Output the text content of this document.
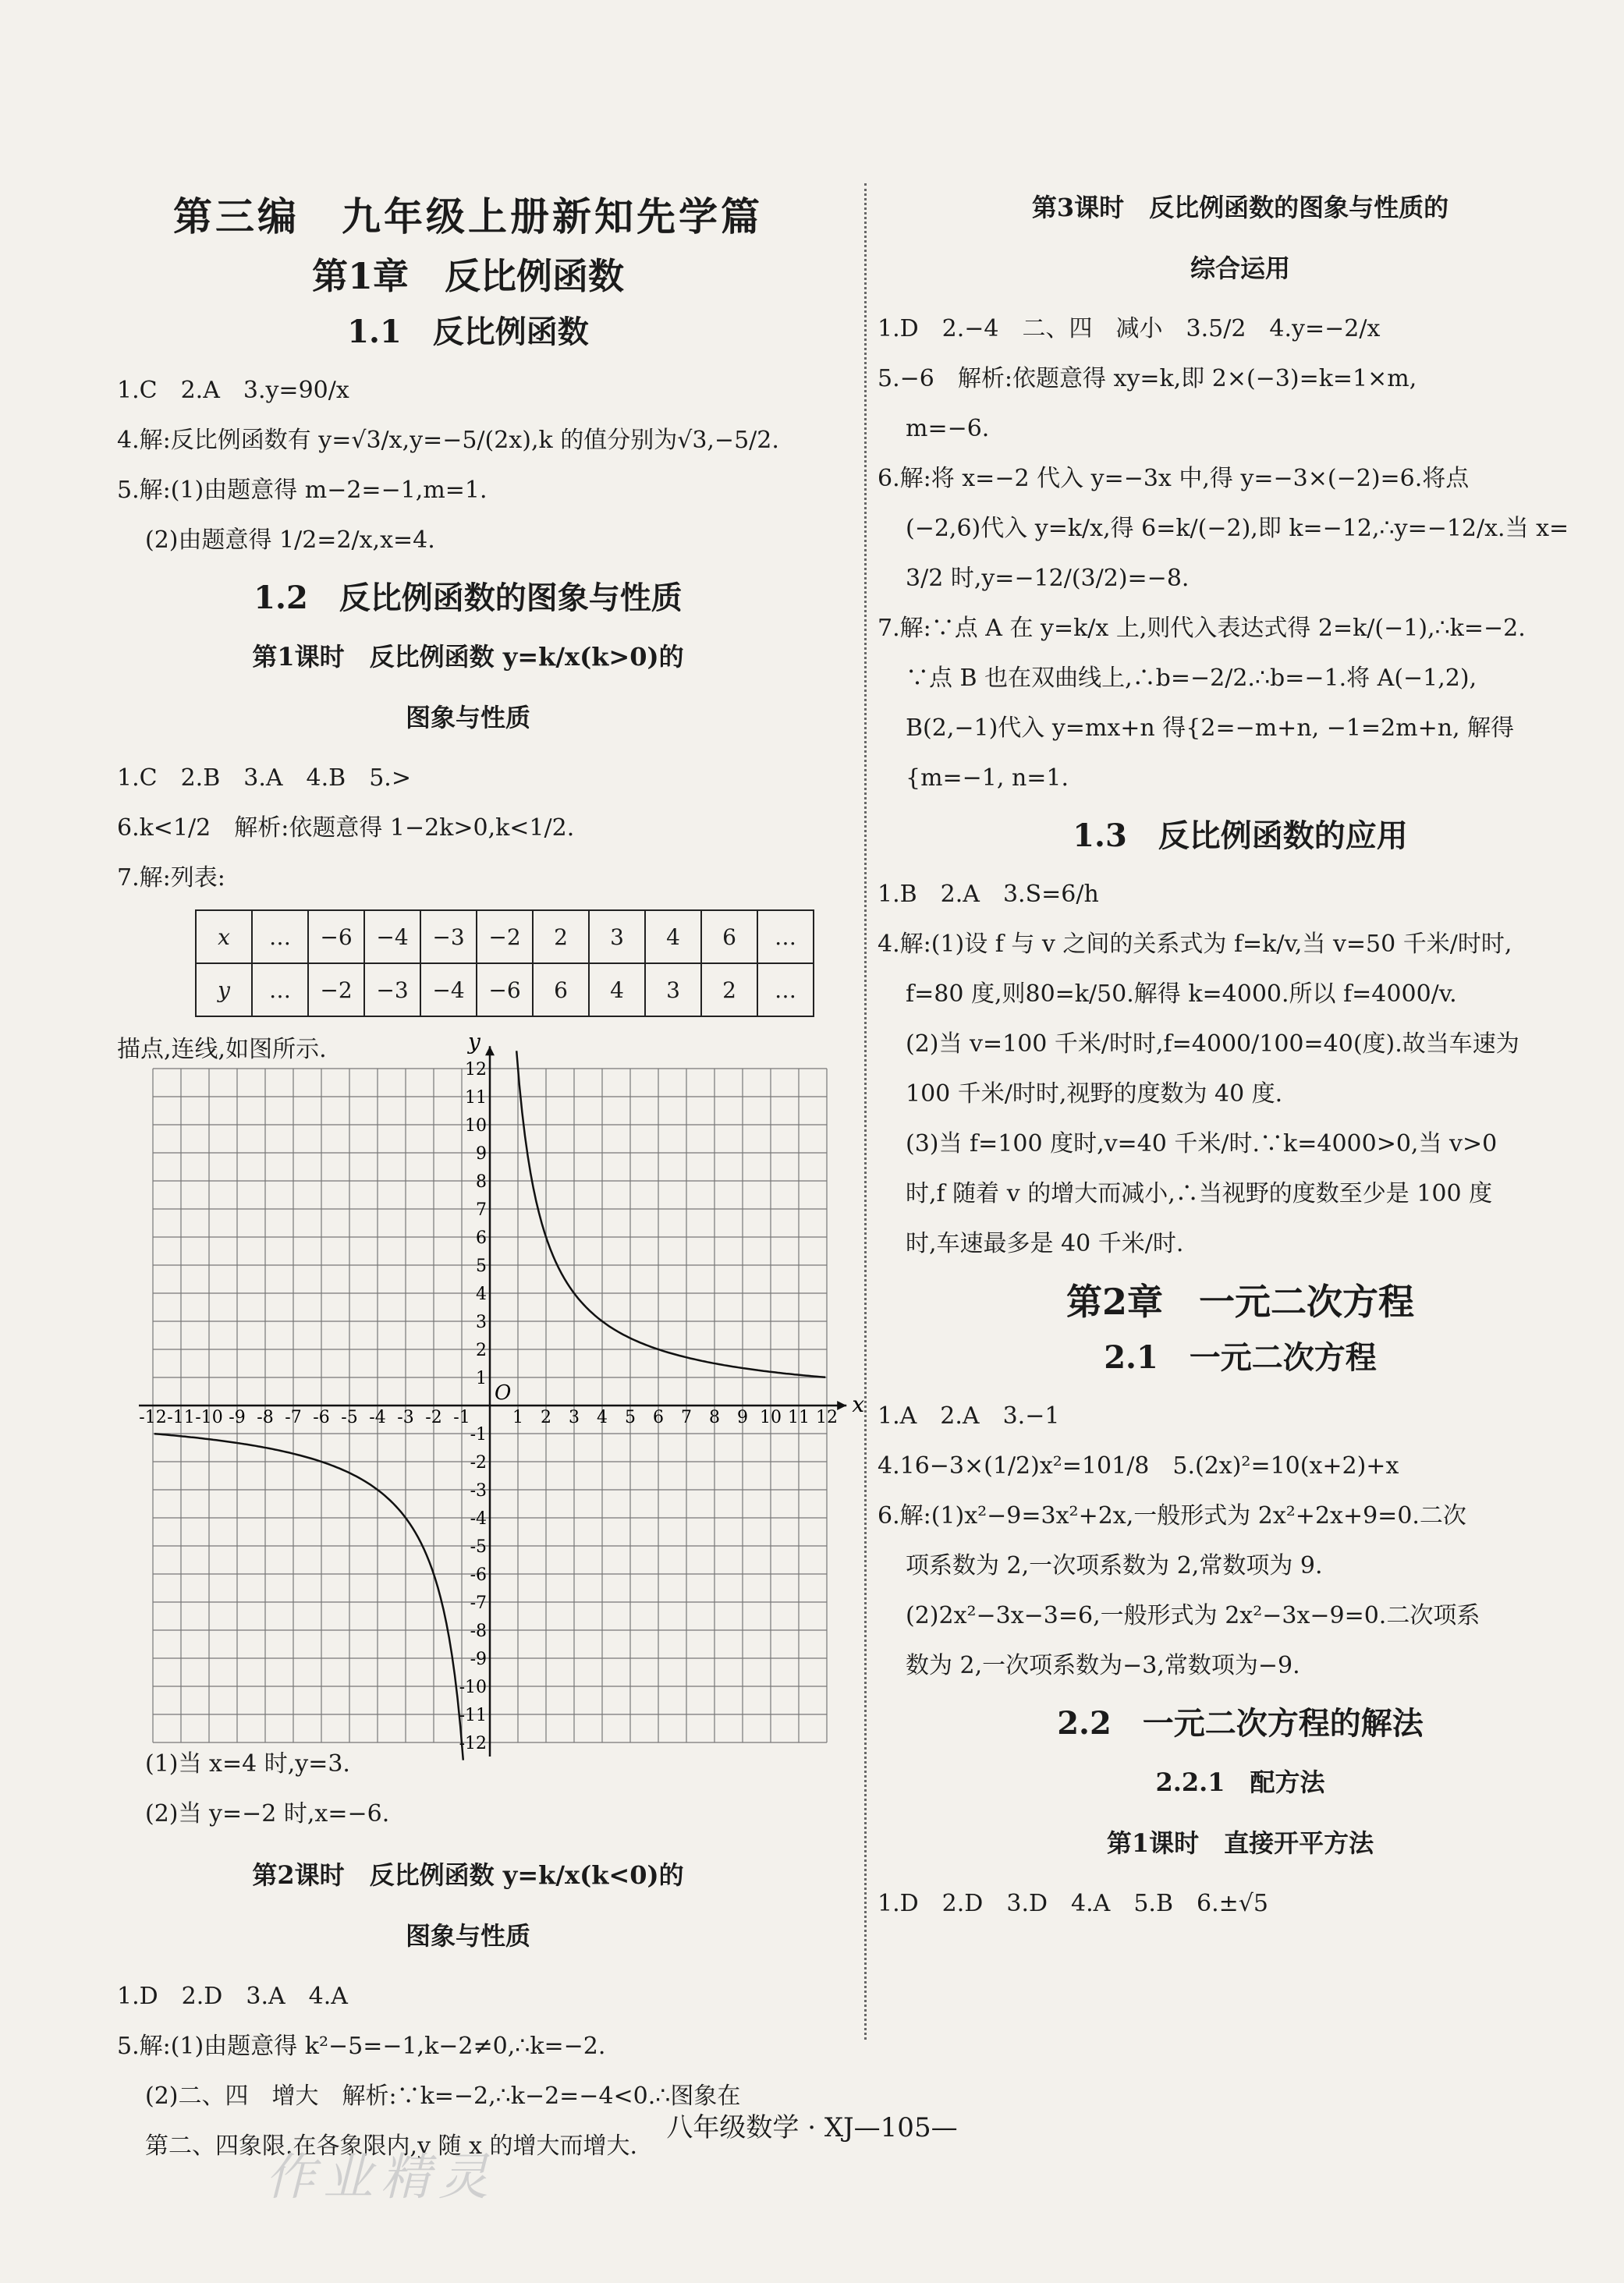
第三编　九年级上册新知先学篇
第1章　反比例函数
1.1　反比例函数
1.C　2.A　3.y=90/x
4.解:反比例函数有 y=√3/x,y=−5/(2x),k 的值分别为√3,−5/2.
5.解:(1)由题意得 m−2=−1,m=1.
(2)由题意得 1/2=2/x,x=4.
1.2　反比例函数的图象与性质
第1课时　反比例函数 y=k/x(k>0)的
图象与性质
1.C　2.B　3.A　4.B　5.>
6.k<1/2　解析:依题意得 1−2k>0,k<1/2.
7.解:列表:
x	…	−6	−4	−3	−2	2	3	4	6	…
y	…	−2	−3	−4	−6	6	4	3	2	…
描点,连线,如图所示.
x
y
O
-12 -11 -10 -9 -8 -7 -6 -5 -4 -3 -2 -1 1 2 3 4 5 6 7 8 9 10 11 12
12
11
10
9
8
7
6
5
4
3
2
1
-1
-2
-3
-4
-5
-6
-7
-8
-9
-10
-11
-12
(1)当 x=4 时,y=3.
(2)当 y=−2 时,x=−6.
第2课时　反比例函数 y=k/x(k<0)的
图象与性质
1.D　2.D　3.A　4.A
5.解:(1)由题意得 k²−5=−1,k−2≠0,∴k=−2.
(2)二、四　增大　解析:∵k=−2,∴k−2=−4<0.∴图象在
第二、四象限.在各象限内,y 随 x 的增大而增大.
第3课时　反比例函数的图象与性质的
综合运用
1.D　2.−4　二、四　减小　3.5/2　4.y=−2/x
5.−6　解析:依题意得 xy=k,即 2×(−3)=k=1×m,
m=−6.
6.解:将 x=−2 代入 y=−3x 中,得 y=−3×(−2)=6.将点
(−2,6)代入 y=k/x,得 6=k/(−2),即 k=−12,∴y=−12/x.当 x=
3/2 时,y=−12/(3/2)=−8.
7.解:∵点 A 在 y=k/x 上,则代入表达式得 2=k/(−1),∴k=−2.
∵点 B 也在双曲线上,∴b=−2/2.∴b=−1.将 A(−1,2),
B(2,−1)代入 y=mx+n 得{2=−m+n, −1=2m+n, 解得{m=−1, n=1.
1.3　反比例函数的应用
1.B　2.A　3.S=6/h
4.解:(1)设 f 与 v 之间的关系式为 f=k/v,当 v=50 千米/时时,
f=80 度,则80=k/50.解得 k=4000.所以 f=4000/v.
(2)当 v=100 千米/时时,f=4000/100=40(度).故当车速为
100 千米/时时,视野的度数为 40 度.
(3)当 f=100 度时,v=40 千米/时.∵k=4000>0,当 v>0
时,f 随着 v 的增大而减小,∴当视野的度数至少是 100 度
时,车速最多是 40 千米/时.
第2章　一元二次方程
2.1　一元二次方程
1.A　2.A　3.−1
4.16−3×(1/2)x²=101/8　5.(2x)²=10(x+2)+x
6.解:(1)x²−9=3x²+2x,一般形式为 2x²+2x+9=0.二次
项系数为 2,一次项系数为 2,常数项为 9.
(2)2x²−3x−3=6,一般形式为 2x²−3x−9=0.二次项系
数为 2,一次项系数为−3,常数项为−9.
2.2　一元二次方程的解法
2.2.1　配方法
第1课时　直接开平方法
1.D　2.D　3.D　4.A　5.B　6.±√5
八年级数学 · XJ—105—
作业精灵
